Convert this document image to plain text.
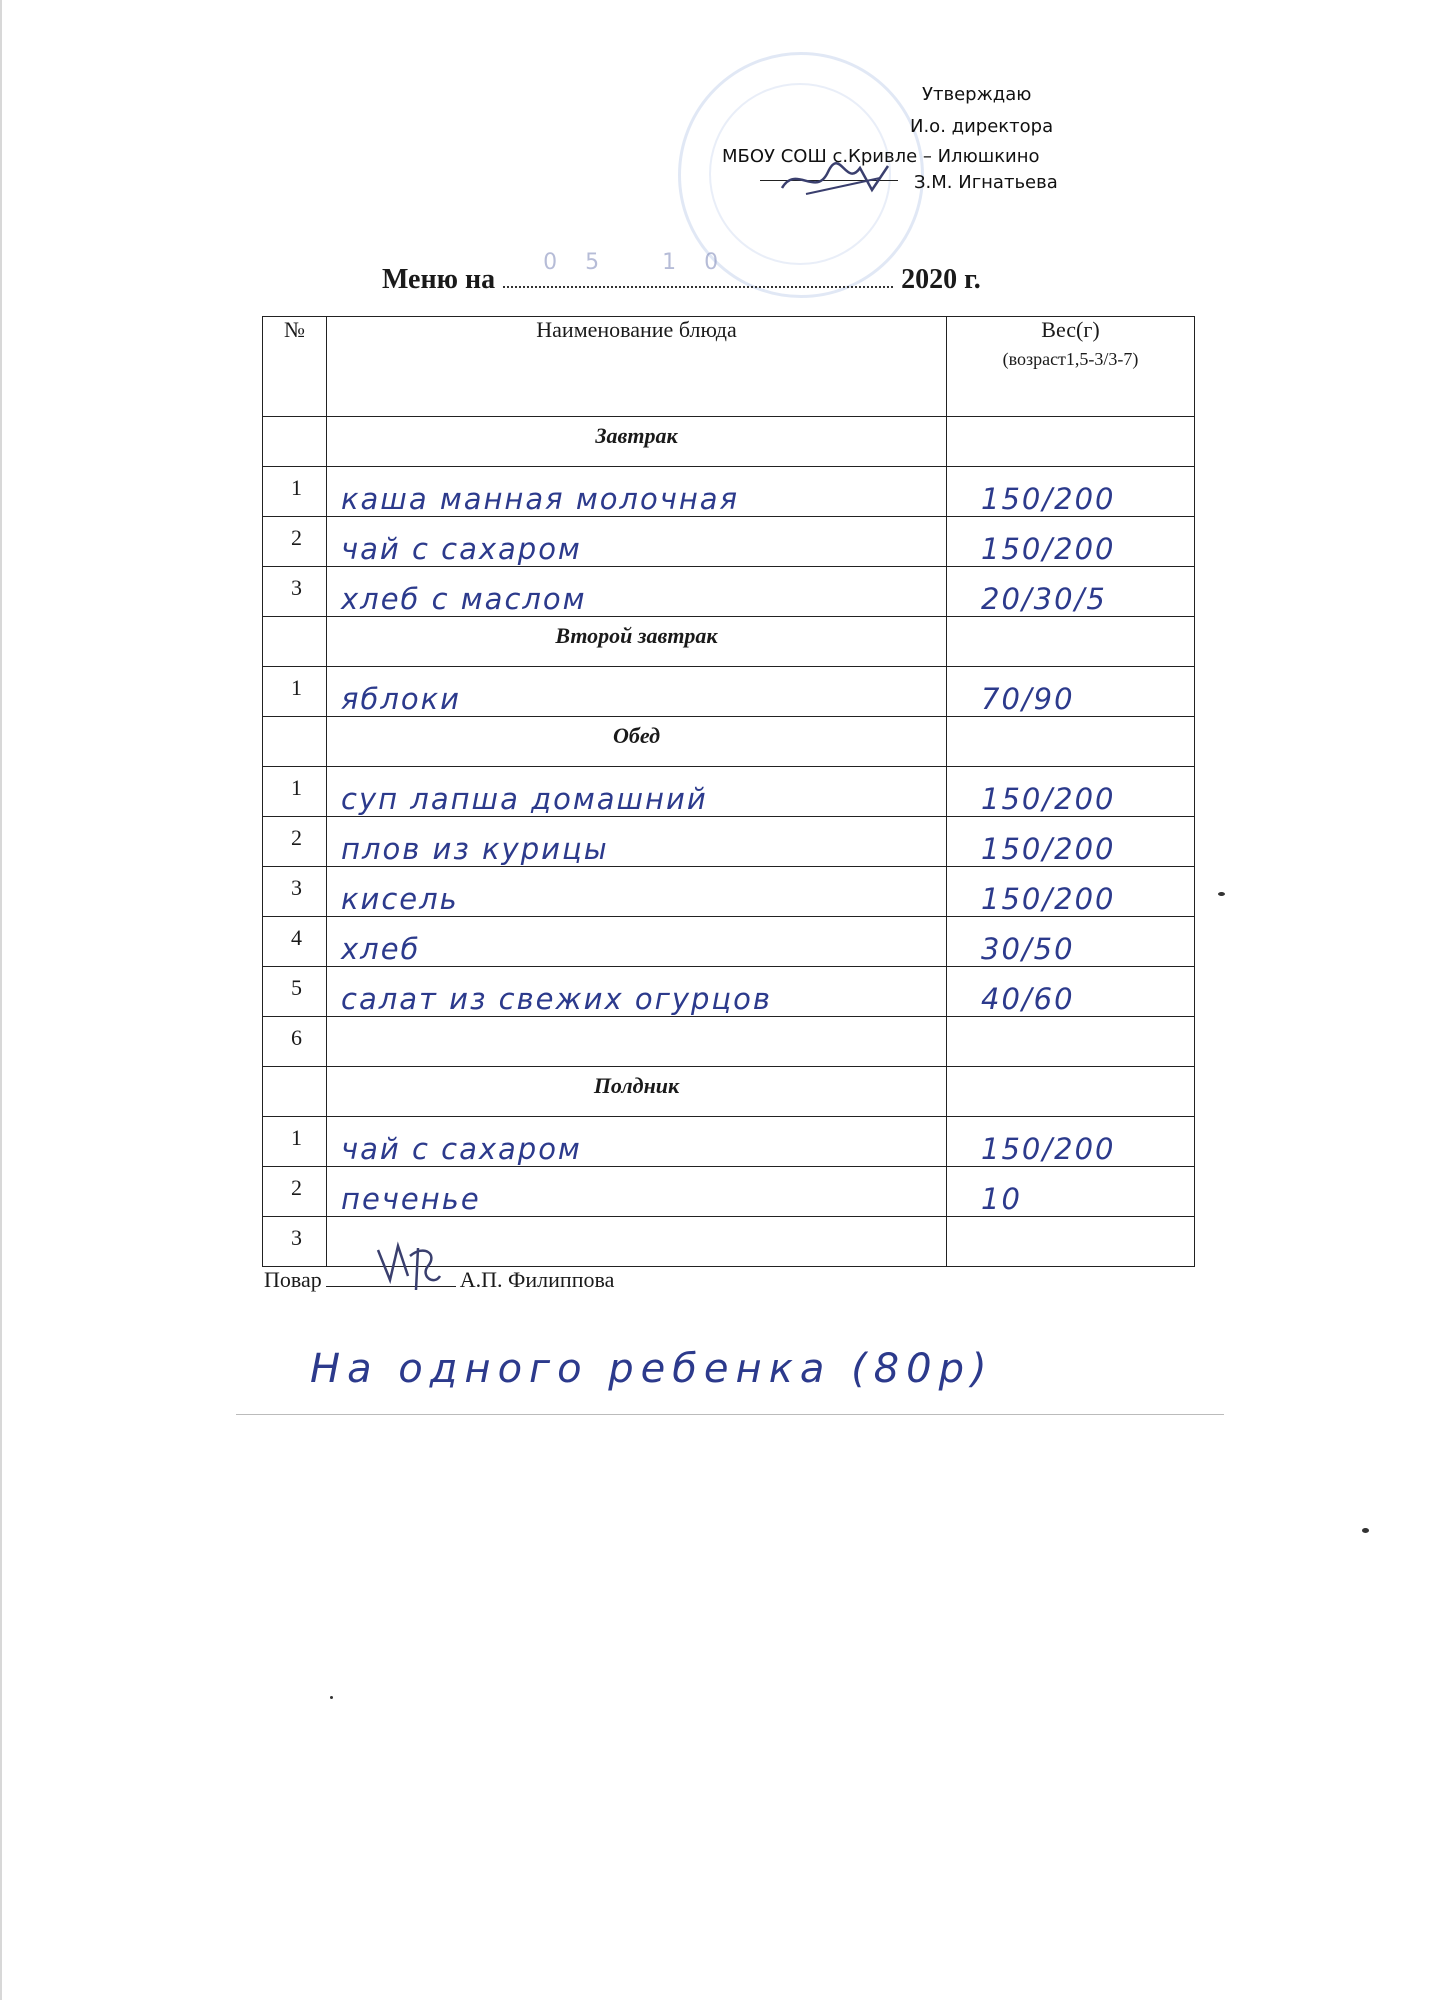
Утверждаю
И.о. директора
МБОУ СОШ с.Кривле – Илюшкино
З.М. Игнатьева
Меню на
05 10
2020 г.
№	Наименование блюда	Вес(г)
(возраст1,5-3/3-7)

	Завтрак	
1	каша манная молочная	150/200
2	чай с сахаром	150/200
3	хлеб с маслом	20/30/5
	Второй завтрак	
1	яблоки	70/90
	Обед	
1	суп лапша домашний	150/200
2	плов из курицы	150/200
3	кисель	150/200
4	хлеб	30/50
5	салат из свежих огурцов	40/60
6		
	Полдник	
1	чай с сахаром	150/200
2	печенье	10
3		
Повар	А.П. Филиппова
На одного ребенка (80р)
